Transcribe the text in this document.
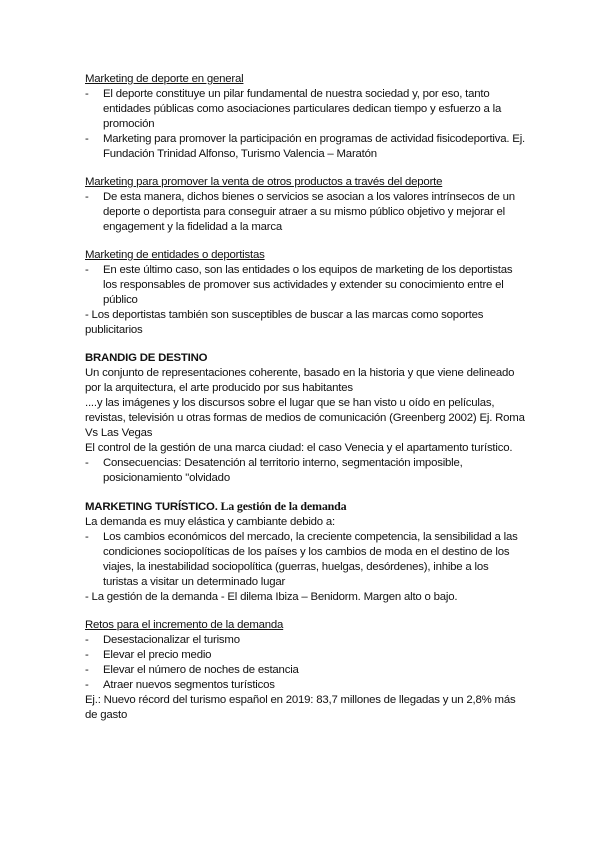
Marketing de deporte en general
-	El deporte constituye un pilar fundamental de nuestra sociedad y, por eso, tanto entidades públicas como asociaciones particulares dedican tiempo y esfuerzo a la promoción
-	Marketing para promover la participación en programas de actividad fisicodeportiva. Ej. Fundación Trinidad Alfonso, Turismo Valencia – Maratón
Marketing para promover la venta de otros productos a través del deporte
-	De esta manera, dichos bienes o servicios se asocian a los valores intrínsecos de un deporte o deportista para conseguir atraer a su mismo público objetivo y mejorar el engagement y la fidelidad a la marca
Marketing de entidades o deportistas
-	En este último caso, son las entidades o los equipos de marketing de los deportistas los responsables de promover sus actividades y extender su conocimiento entre el público
- Los deportistas también son susceptibles de buscar a las marcas como soportes publicitarios
BRANDIG DE DESTINO
Un conjunto de representaciones coherente, basado en la historia y que viene delineado por la arquitectura, el arte producido por sus habitantes
....y las imágenes y los discursos sobre el lugar que se han visto u oído en películas, revistas, televisión u otras formas de medios de comunicación (Greenberg 2002) Ej. Roma Vs Las Vegas
El control de la gestión de una marca ciudad: el caso Venecia y el apartamento turístico.
-	Consecuencias: Desatención al territorio interno, segmentación imposible, posicionamiento "olvidado
MARKETING TURÍSTICO. La gestión de la demanda
La demanda es muy elástica y cambiante debido a:
-	Los cambios económicos del mercado, la creciente competencia, la sensibilidad a las condiciones sociopolíticas de los países y los cambios de moda en el destino de los viajes, la inestabilidad sociopolítica (guerras, huelgas, desórdenes), inhibe a los turistas a visitar un determinado lugar
- La gestión de la demanda - El dilema Ibiza – Benidorm. Margen alto o bajo.
Retos para el incremento de la demanda
-	Desestacionalizar el turismo
-	Elevar el precio medio
-	Elevar el número de noches de estancia
-	Atraer nuevos segmentos turísticos
Ej.: Nuevo récord del turismo español en 2019: 83,7 millones de llegadas y un 2,8% más de gasto
